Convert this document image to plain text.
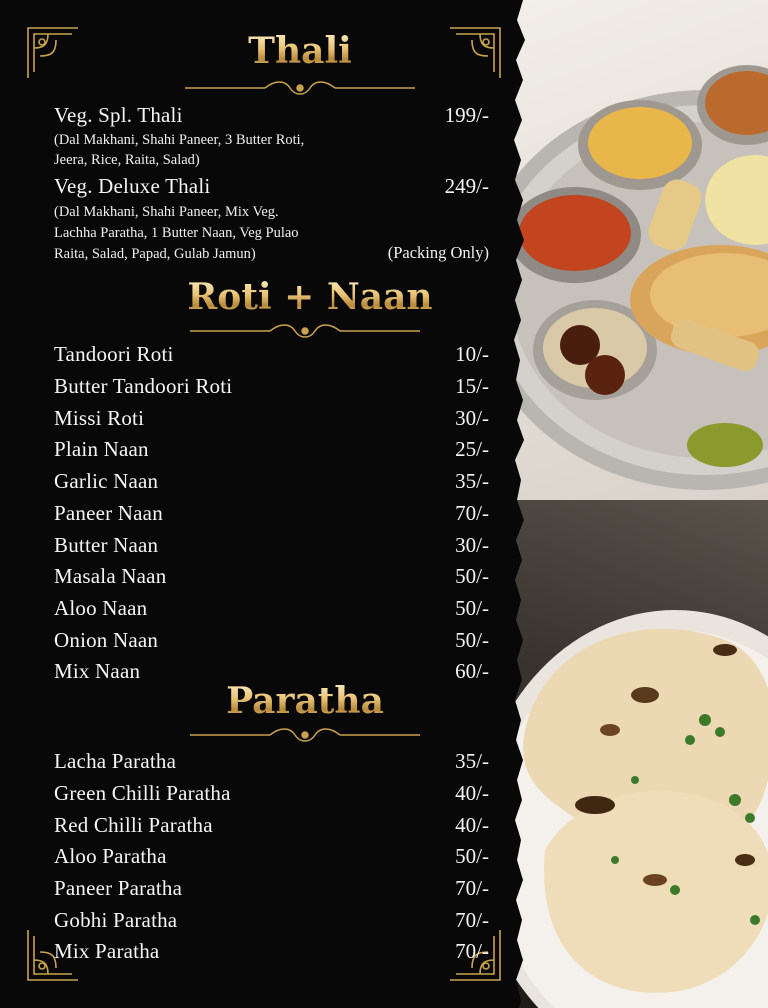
Thali
Veg. Spl. Thali	199/-
(Dal Makhani, Shahi Paneer, 3 Butter Roti,
Jeera, Rice, Raita, Salad)
Veg. Deluxe Thali	249/-
(Dal Makhani, Shahi Paneer, Mix Veg.
Lachha Paratha, 1 Butter Naan, Veg Pulao
Raita, Salad, Papad, Gulab Jamun)	(Packing Only)
Roti + Naan
Tandoori Roti	10/-
Butter Tandoori Roti	15/-
Missi Roti	30/-
Plain Naan	25/-
Garlic Naan	35/-
Paneer Naan	70/-
Butter Naan	30/-
Masala Naan	50/-
Aloo Naan	50/-
Onion Naan	50/-
Mix Naan	60/-
Paratha
Lacha Paratha	35/-
Green Chilli Paratha	40/-
Red Chilli Paratha	40/-
Aloo Paratha	50/-
Paneer Paratha	70/-
Gobhi Paratha	70/-
Mix Paratha	70/-
